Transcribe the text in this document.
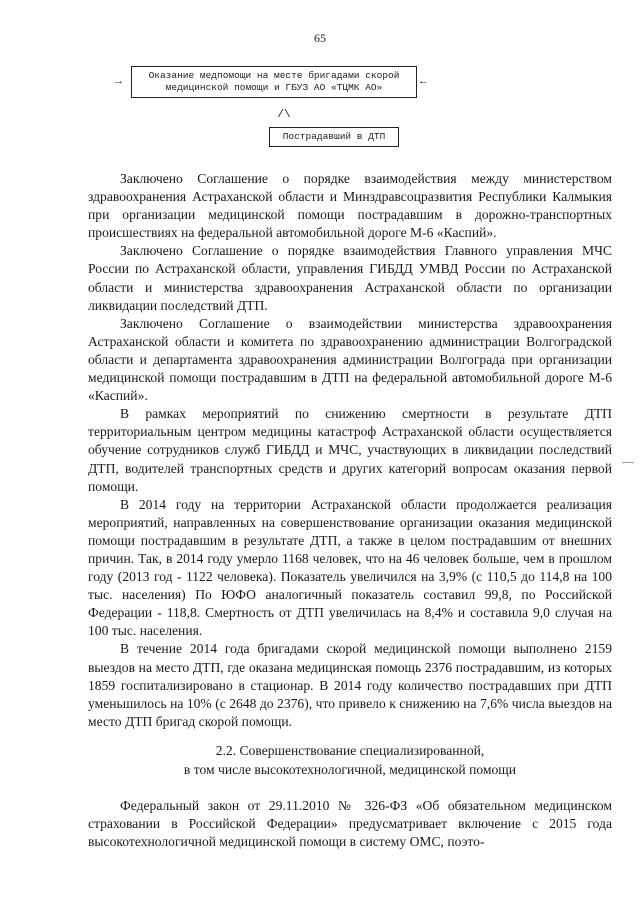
65
→
Оказание медпомощи на месте бригадами скорой
медицинской помощи и ГБУЗ АО «ТЦМК АО»	←
/\
Пострадавший в ДТП

Заключено Соглашение о порядке взаимодействия между министерством здравоохранения Астраханской области и Минздравсоцразвития Республики Калмыкия при организации медицинской помощи пострадавшим в дорожно-транспортных происшествиях на федеральной автомобильной дороге М-6 «Каспий».

Заключено Соглашение о порядке взаимодействия Главного управления МЧС России по Астраханской области, управления ГИБДД УМВД России по Астраханской области и министерства здравоохранения Астраханской области по организации ликвидации последствий ДТП.

Заключено Соглашение о взаимодействии министерства здравоохранения Астраханской области и комитета по здравоохранению администрации Волгоградской области и департамента здравоохранения администрации Волгограда при организации медицинской помощи пострадавшим в ДТП на федеральной автомобильной дороге М-6 «Каспий».

В рамках мероприятий по снижению смертности в результате ДТП территориальным центром медицины катастроф Астраханской области осуществляется обучение сотрудников служб ГИБДД и МЧС, участвующих в ликвидации последствий ДТП, водителей транспортных средств и других категорий вопросам оказания первой помощи.

В 2014 году на территории Астраханской области продолжается реализация мероприятий, направленных на совершенствование организации оказания медицинской помощи пострадавшим в результате ДТП, а также в целом пострадавшим от внешних причин. Так, в 2014 году умерло 1168 человек, что на 46 человек больше, чем в прошлом году (2013 год - 1122 человека). Показатель увеличился на 3,9% (с 110,5 до 114,8 на 100 тыс. населения) По ЮФО аналогичный показатель составил 99,8, по Российской Федерации - 118,8. Смертность от ДТП увеличилась на 8,4% и составила 9,0 случая на 100 тыс. населения.

В течение 2014 года бригадами скорой медицинской помощи выполнено 2159 выездов на место ДТП, где оказана медицинская помощь 2376 пострадавшим, из которых 1859 госпитализировано в стационар. В 2014 году количество пострадавших при ДТП уменьшилось на 10% (с 2648 до 2376), что привело к снижению на 7,6% числа выездов на место ДТП бригад скорой помощи.

2.2. Совершенствование специализированной,
в том числе высокотехнологичной, медицинской помощи

Федеральный закон от 29.11.2010 № 326-ФЗ «Об обязательном медицинском страховании в Российской Федерации» предусматривает включение с 2015 года высокотехнологичной медицинской помощи в систему ОМС, поэто-
